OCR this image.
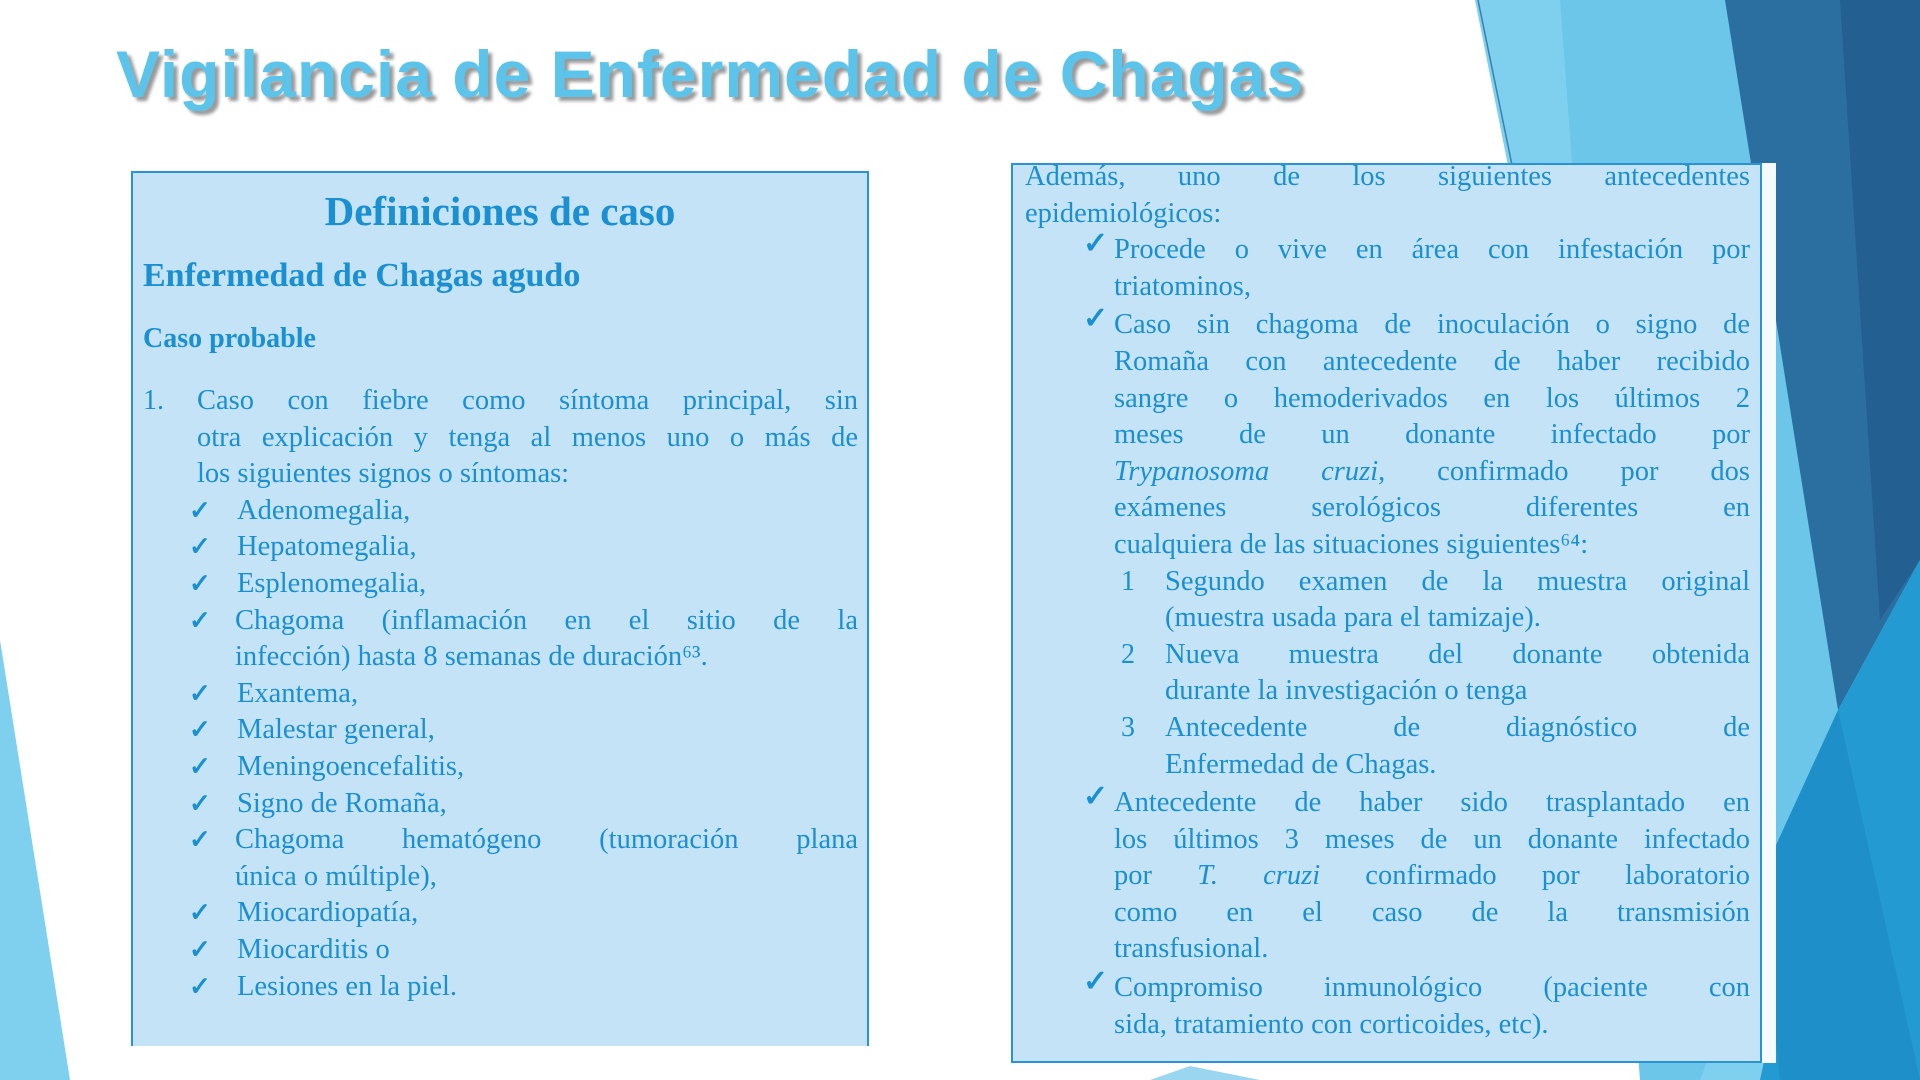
Vigilancia de Enfermedad de Chagas
Definiciones de caso
Enfermedad de Chagas agudo
Caso probable
1. Caso con fiebre como síntoma principal, sin
otra explicación y tenga al menos uno o más de
los siguientes signos o síntomas:
✓ Adenomegalia,
✓ Hepatomegalia,
✓ Esplenomegalia,
✓ Chagoma (inflamación en el sitio de la
infección) hasta 8 semanas de duración⁶³.
✓ Exantema,
✓ Malestar general,
✓ Meningoencefalitis,
✓ Signo de Romaña,
✓ Chagoma hematógeno (tumoración plana
única o múltiple),
✓ Miocardiopatía,
✓ Miocarditis o
✓ Lesiones en la piel.
Además, uno de los siguientes antecedentes
epidemiológicos:
✓ Procede o vive en área con infestación por
triatominos,
✓ Caso sin chagoma de inoculación o signo de
Romaña con antecedente de haber recibido
sangre o hemoderivados en los últimos 2
meses de un donante infectado por
Trypanosoma cruzi, confirmado por dos
exámenes serológicos diferentes en
cualquiera de las situaciones siguientes⁶⁴:
1 Segundo examen de la muestra original
(muestra usada para el tamizaje).
2 Nueva muestra del donante obtenida
durante la investigación o tenga
3 Antecedente de diagnóstico de
Enfermedad de Chagas.
✓ Antecedente de haber sido trasplantado en
los últimos 3 meses de un donante infectado
por T. cruzi confirmado por laboratorio
como en el caso de la transmisión
transfusional.
✓ Compromiso inmunológico (paciente con
sida, tratamiento con corticoides, etc).
